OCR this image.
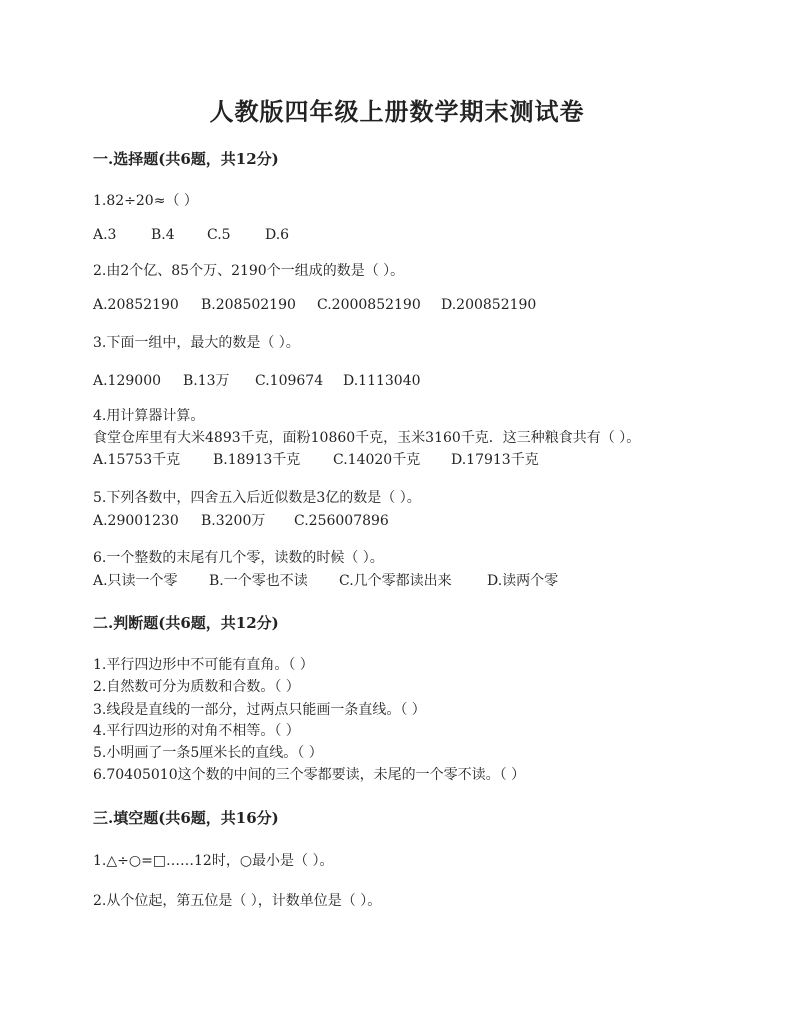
人教版四年级上册数学期末测试卷
一.选择题(共6题，共12分)
1.82÷20≈（ ）
A.3 B.4 C.5 D.6
2.由2个亿、85个万、2190个一组成的数是（ ）。
A.20852190 B.208502190 C.2000852190 D.200852190
3.下面一组中，最大的数是（ ）。
A.129000 B.13万 C.109674 D.1113040
4.用计算器计算。
食堂仓库里有大米4893千克，面粉10860千克，玉米3160千克．这三种粮食共有（ ）。
A.15753千克 B.18913千克 C.14020千克 D.17913千克
5.下列各数中，四舍五入后近似数是3亿的数是（ ）。
A.29001230 B.3200万 C.256007896
6.一个整数的末尾有几个零，读数的时候（ ）。
A.只读一个零 B.一个零也不读 C.几个零都读出来	D.读两个零
二.判断题(共6题，共12分)
1.平行四边形中不可能有直角。（ ）
2.自然数可分为质数和合数。（ ）
3.线段是直线的一部分，过两点只能画一条直线。（ ）
4.平行四边形的对角不相等。（ ）
5.小明画了一条5厘米长的直线。（ ）
6.70405010这个数的中间的三个零都要读，未尾的一个零不读。（ ）
三.填空题(共6题，共16分)
1.△÷○=□……12时，○最小是（ ）。
2.从个位起，第五位是（ ），计数单位是（ ）。
